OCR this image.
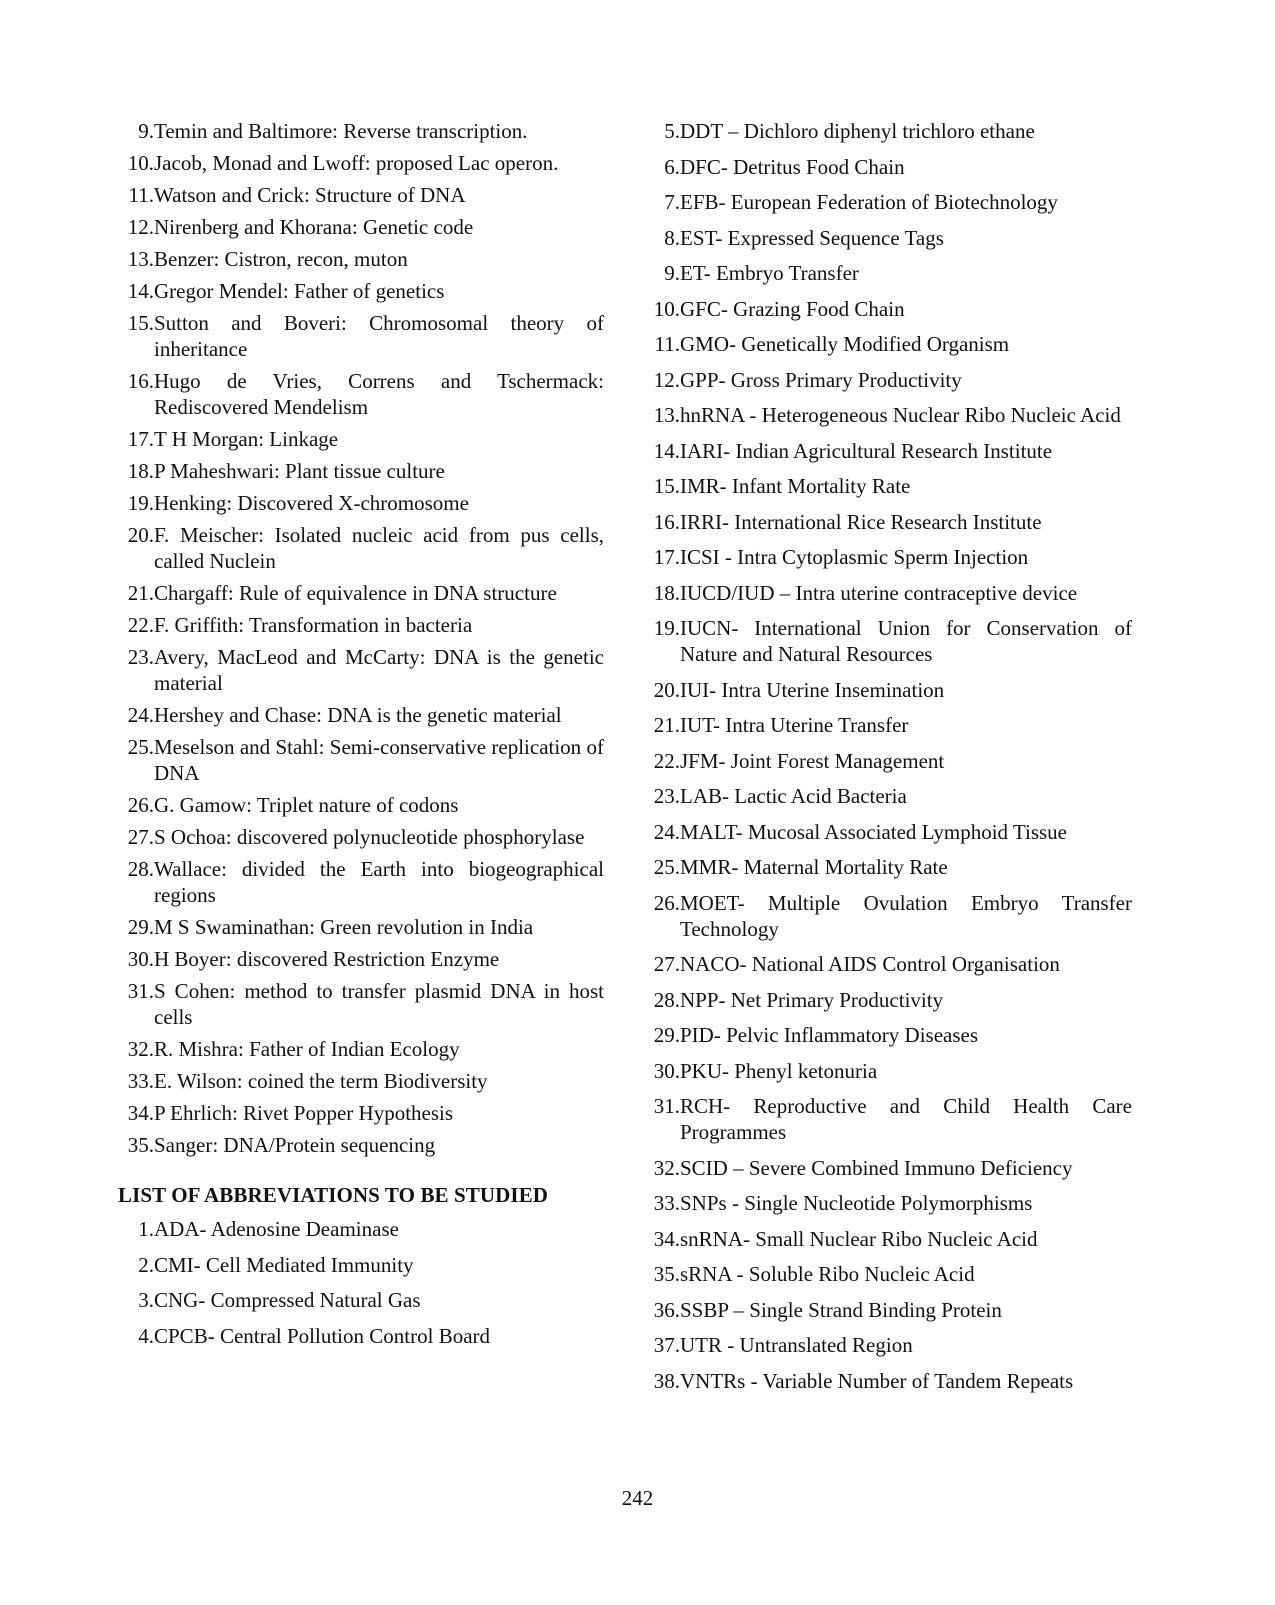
9. Temin and Baltimore: Reverse transcription.
10. Jacob, Monad and Lwoff: proposed Lac operon.
11. Watson and Crick: Structure of DNA
12. Nirenberg and Khorana: Genetic code
13. Benzer: Cistron, recon, muton
14. Gregor Mendel: Father of genetics
15. Sutton and Boveri: Chromosomal theory of inheritance
16. Hugo de Vries, Correns and Tschermack: Rediscovered Mendelism
17. T H Morgan: Linkage
18. P Maheshwari: Plant tissue culture
19. Henking: Discovered X-chromosome
20. F. Meischer: Isolated nucleic acid from pus cells, called Nuclein
21. Chargaff: Rule of equivalence in DNA structure
22. F. Griffith: Transformation in bacteria
23. Avery, MacLeod and McCarty: DNA is the genetic material
24. Hershey and Chase: DNA is the genetic material
25. Meselson and Stahl: Semi-conservative replication of DNA
26. G. Gamow: Triplet nature of codons
27. S Ochoa: discovered polynucleotide phosphorylase
28. Wallace: divided the Earth into biogeographical regions
29. M S Swaminathan: Green revolution in India
30. H Boyer: discovered Restriction Enzyme
31. S Cohen: method to transfer plasmid DNA in host cells
32. R. Mishra: Father of Indian Ecology
33. E. Wilson: coined the term Biodiversity
34. P Ehrlich: Rivet Popper Hypothesis
35. Sanger: DNA/Protein sequencing
LIST OF ABBREVIATIONS TO BE STUDIED
1. ADA- Adenosine Deaminase
2. CMI- Cell Mediated Immunity
3. CNG- Compressed Natural Gas
4. CPCB- Central Pollution Control Board
5. DDT – Dichloro diphenyl trichloro ethane
6. DFC- Detritus Food Chain
7. EFB- European Federation of Biotechnology
8. EST- Expressed Sequence Tags
9. ET- Embryo Transfer
10. GFC- Grazing Food Chain
11. GMO- Genetically Modified Organism
12. GPP- Gross Primary Productivity
13. hnRNA - Heterogeneous Nuclear Ribo Nucleic Acid
14. IARI- Indian Agricultural Research Institute
15. IMR- Infant Mortality Rate
16. IRRI- International Rice Research Institute
17. ICSI - Intra Cytoplasmic Sperm Injection
18. IUCD/IUD – Intra uterine contraceptive device
19. IUCN- International Union for Conservation of Nature and Natural Resources
20. IUI- Intra Uterine Insemination
21. IUT- Intra Uterine Transfer
22. JFM- Joint Forest Management
23. LAB- Lactic Acid Bacteria
24. MALT- Mucosal Associated Lymphoid Tissue
25. MMR- Maternal Mortality Rate
26. MOET- Multiple Ovulation Embryo Transfer Technology
27. NACO- National AIDS Control Organisation
28. NPP- Net Primary Productivity
29. PID- Pelvic Inflammatory Diseases
30. PKU- Phenyl ketonuria
31. RCH- Reproductive and Child Health Care Programmes
32. SCID – Severe Combined Immuno Deficiency
33. SNPs - Single Nucleotide Polymorphisms
34. snRNA- Small Nuclear Ribo Nucleic Acid
35. sRNA - Soluble Ribo Nucleic Acid
36. SSBP – Single Strand Binding Protein
37. UTR - Untranslated Region
38. VNTRs - Variable Number of Tandem Repeats
242
